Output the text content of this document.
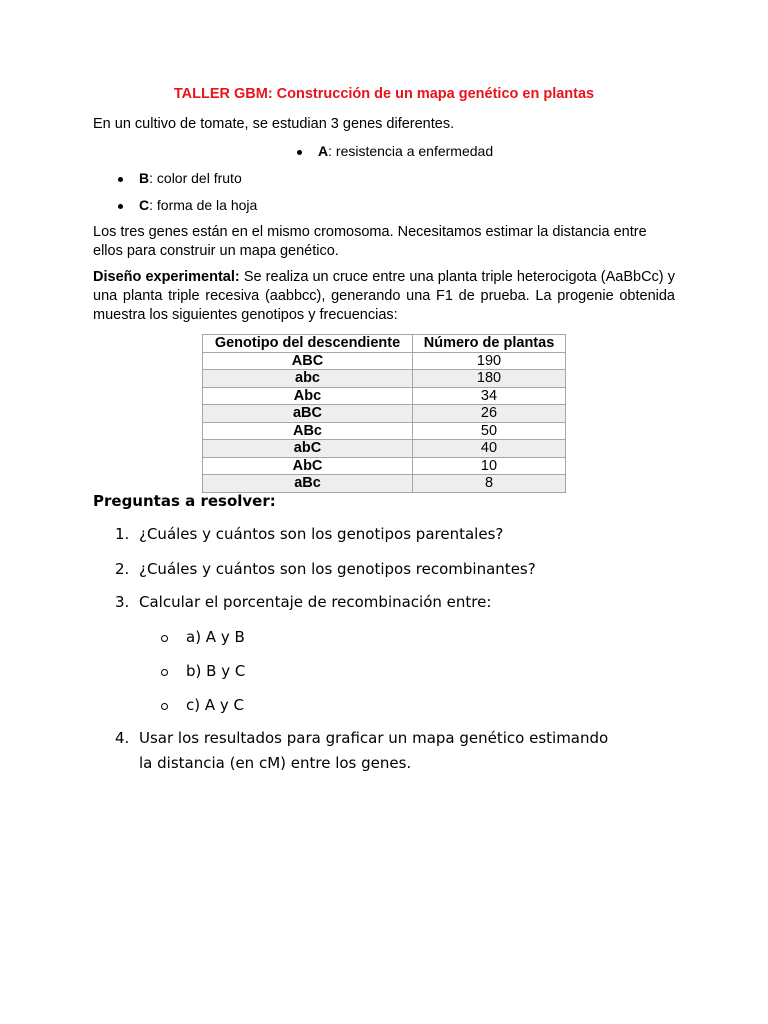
TALLER GBM: Construcción de un mapa genético en plantas
En un cultivo de tomate, se estudian 3 genes diferentes.
A: resistencia a enfermedad
B: color del fruto
C: forma de la hoja
Los tres genes están en el mismo cromosoma. Necesitamos estimar la distancia entre ellos para construir un mapa genético.
Diseño experimental: Se realiza un cruce entre una planta triple heterocigota (AaBbCc) y una planta triple recesiva (aabbcc), generando una F1 de prueba. La progenie obtenida muestra los siguientes genotipos y frecuencias:
Genotipo del descendiente	Número de plantas
ABC	190
abc	180
Abc	34
aBC	26
ABc	50
abC	40
AbC	10
aBc	8
Preguntas a resolver:
1. ¿Cuáles y cuántos son los genotipos parentales?
2. ¿Cuáles y cuántos son los genotipos recombinantes?
3. Calcular el porcentaje de recombinación entre:
a) A y B
b) B y C
c) A y C
4. Usar los resultados para graficar un mapa genético estimando la distancia (en cM) entre los genes.
